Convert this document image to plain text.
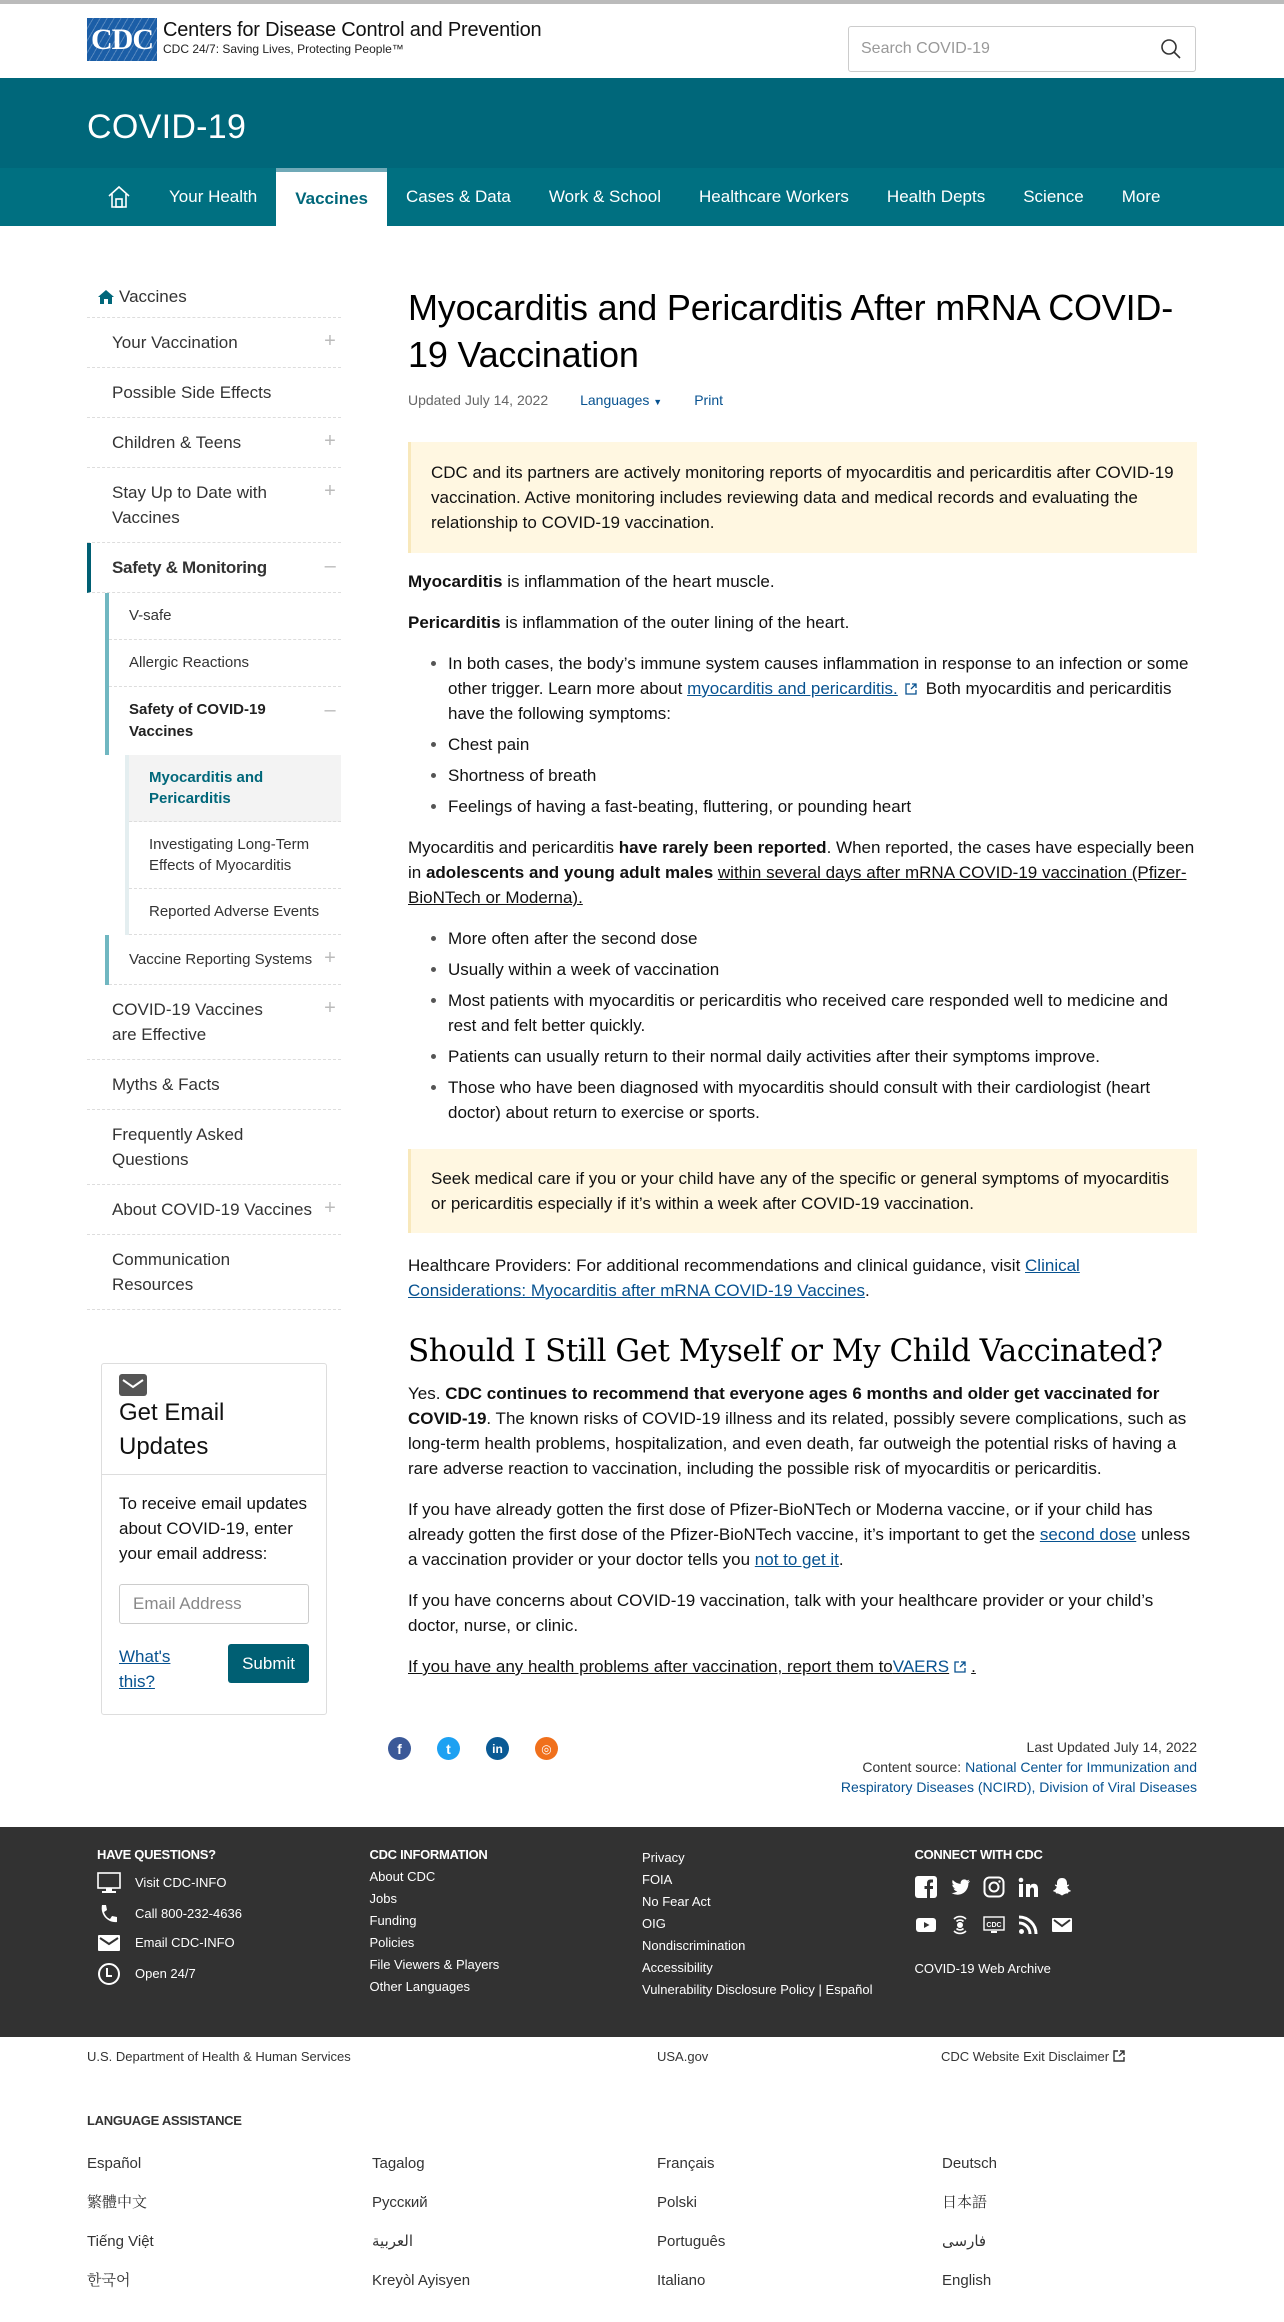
CDC Centers for Disease Control and Prevention
CDC 24/7: Saving Lives, Protecting People™
Search COVID-19
COVID-19
Your Health	Vaccines	Cases & Data	Work & School	Healthcare Workers	Health Depts	Science	More
Vaccines
Your Vaccination	+
Possible Side Effects
Children & Teens	+
Stay Up to Date with Vaccines
+
Safety & Monitoring	–
V-safe
Allergic Reactions
Safety of COVID-19 Vaccines
–
Myocarditis and Pericarditis
Investigating Long-Term Effects of Myocarditis
Reported Adverse Events
Vaccine Reporting Systems +
COVID-19 Vaccines are Effective
+
Myths & Facts
Frequently Asked Questions
About COVID-19 Vaccines +
Communication Resources
Get Email Updates
To receive email updates about COVID-19, enter your email address:
Email Address
What's this?
Submit
Myocarditis and Pericarditis After mRNA COVID-19 Vaccination
Updated July 14, 2022 Languages ▼ Print
CDC and its partners are actively monitoring reports of myocarditis and pericarditis after COVID-19 vaccination. Active monitoring includes reviewing data and medical records and evaluating the relationship to COVID-19 vaccination.

Myocarditis is inflammation of the heart muscle.

Pericarditis is inflammation of the outer lining of the heart.

• In both cases, the body’s immune system causes inflammation in response to an infection or some other trigger. Learn more about myocarditis and pericarditis. Both myocarditis and pericarditis have the following symptoms:
• Chest pain
• Shortness of breath
• Feelings of having a fast-beating, fluttering, or pounding heart

Myocarditis and pericarditis have rarely been reported. When reported, the cases have especially been in adolescents and young adult males within several days after mRNA COVID-19 vaccination (Pfizer-BioNTech or Moderna).

• More often after the second dose
• Usually within a week of vaccination
• Most patients with myocarditis or pericarditis who received care responded well to medicine and rest and felt better quickly.
• Patients can usually return to their normal daily activities after their symptoms improve.
• Those who have been diagnosed with myocarditis should consult with their cardiologist (heart doctor) about return to exercise or sports.
Seek medical care if you or your child have any of the specific or general symptoms of myocarditis or pericarditis especially if it’s within a week after COVID-19 vaccination.

Healthcare Providers: For additional recommendations and clinical guidance, visit Clinical Considerations: Myocarditis after mRNA COVID-19 Vaccines.

Should I Still Get Myself or My Child Vaccinated?

Yes. CDC continues to recommend that everyone ages 6 months and older get vaccinated for COVID-19. The known risks of COVID-19 illness and its related, possibly severe complications, such as long-term health problems, hospitalization, and even death, far outweigh the potential risks of having a rare adverse reaction to vaccination, including the possible risk of myocarditis or pericarditis.

If you have already gotten the first dose of Pfizer-BioNTech or Moderna vaccine, or if your child has already gotten the first dose of the Pfizer-BioNTech vaccine, it’s important to get the second dose unless a vaccination provider or your doctor tells you not to get it.

If you have concerns about COVID-19 vaccination, talk with your healthcare provider or your child’s doctor, nurse, or clinic.

If you have any health problems after vaccination, report them toVAERS .

f	t	in	◎	Last Updated July 14, 2022
Content source: National Center for Immunization and Respiratory Diseases (NCIRD), Division of Viral Diseases
HAVE QUESTIONS?
Visit CDC-INFO
Call 800-232-4636
Email CDC-INFO
Open 24/7
CDC INFORMATION
About CDC
Jobs
Funding
Policies
File Viewers & Players
Other Languages
Privacy
FOIA
No Fear Act
OIG
Nondiscrimination
Accessibility
Vulnerability Disclosure Policy | Español
CONNECT WITH CDC
CDC
COVID-19 Web Archive
U.S. Department of Health & Human Services	USA.gov	CDC Website Exit Disclaimer
LANGUAGE ASSISTANCE
Español	Tagalog	Français	Deutsch
繁體中文	Русский	Polski	日本語
Tiếng Việt	العربية	Português	فارسی
한국어	Kreyòl Ayisyen	Italiano	English
